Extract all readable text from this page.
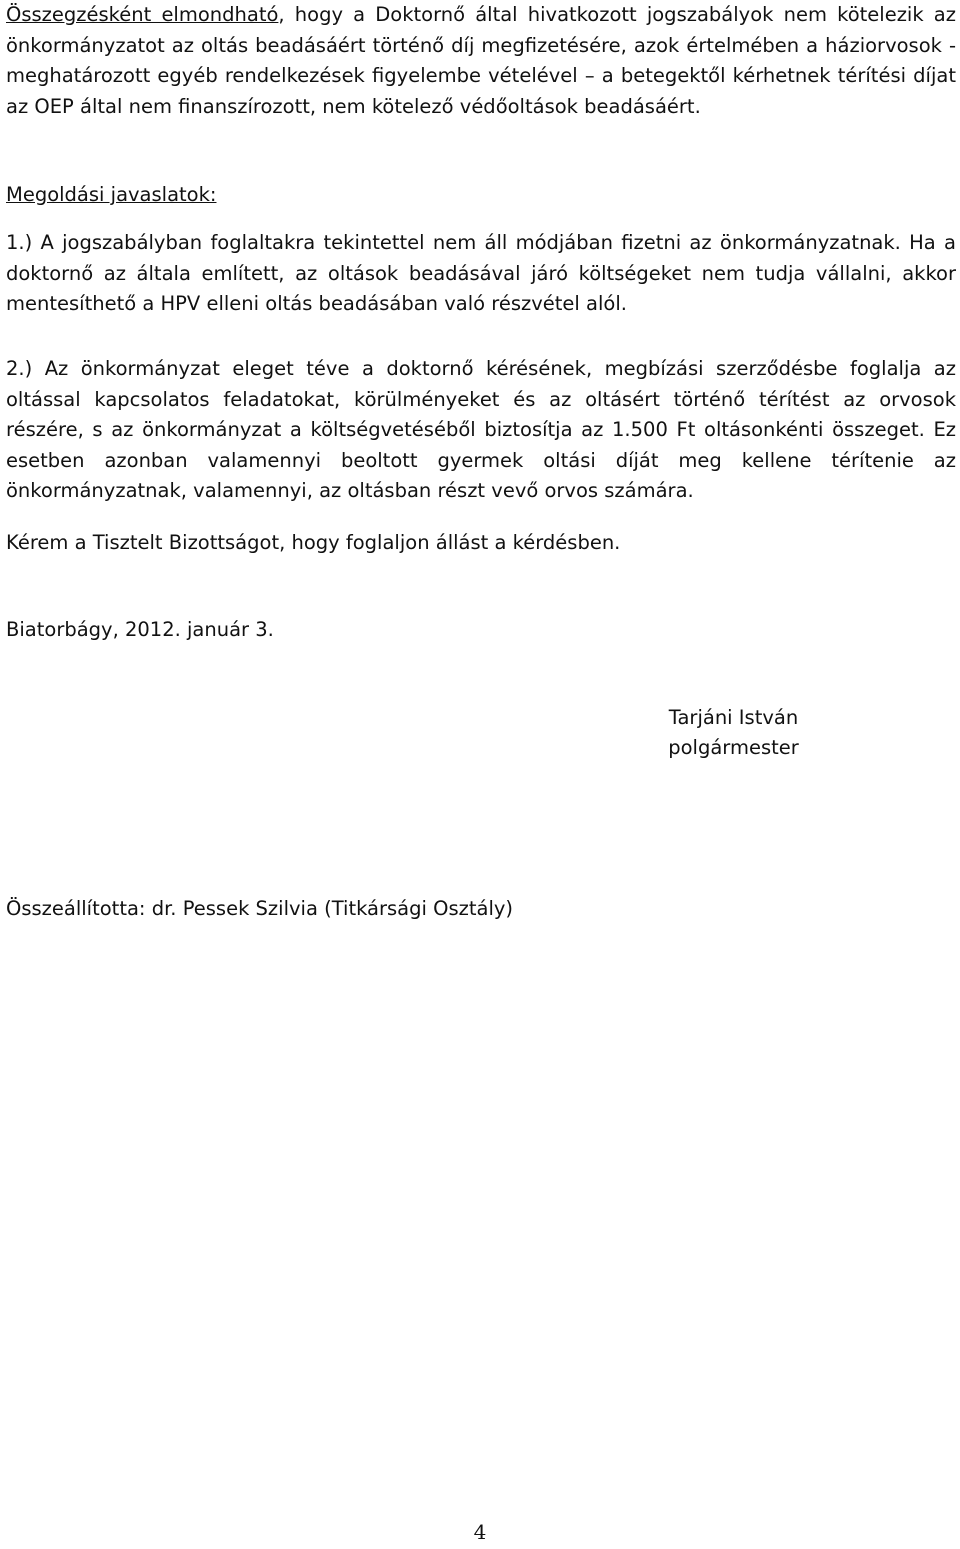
Összegzésként elmondható, hogy a Doktornő által hivatkozott jogszabályok nem kötelezik az önkormányzatot az oltás beadásáért történő díj megfizetésére, azok értelmében a háziorvosok - meghatározott egyéb rendelkezések figyelembe vételével – a betegektől kérhetnek térítési díjat az OEP által nem finanszírozott, nem kötelező védőoltások beadásáért.

Megoldási javaslatok:

1.) A jogszabályban foglaltakra tekintettel nem áll módjában fizetni az önkormányzatnak. Ha a doktornő az általa említett, az oltások beadásával járó költségeket nem tudja vállalni, akkor mentesíthető a HPV elleni oltás beadásában való részvétel alól.

2.) Az önkormányzat eleget téve a doktornő kérésének, megbízási szerződésbe foglalja az oltással kapcsolatos feladatokat, körülményeket és az oltásért történő térítést az orvosok részére, s az önkormányzat a költségvetéséből biztosítja az 1.500 Ft oltásonkénti összeget. Ez esetben azonban valamennyi beoltott gyermek oltási díját meg kellene térítenie az önkormányzatnak, valamennyi, az oltásban részt vevő orvos számára.

Kérem a Tisztelt Bizottságot, hogy foglaljon állást a kérdésben.

Biatorbágy, 2012. január 3.

Tarjáni István
polgármester

Összeállította: dr. Pessek Szilvia (Titkársági Osztály)

4
